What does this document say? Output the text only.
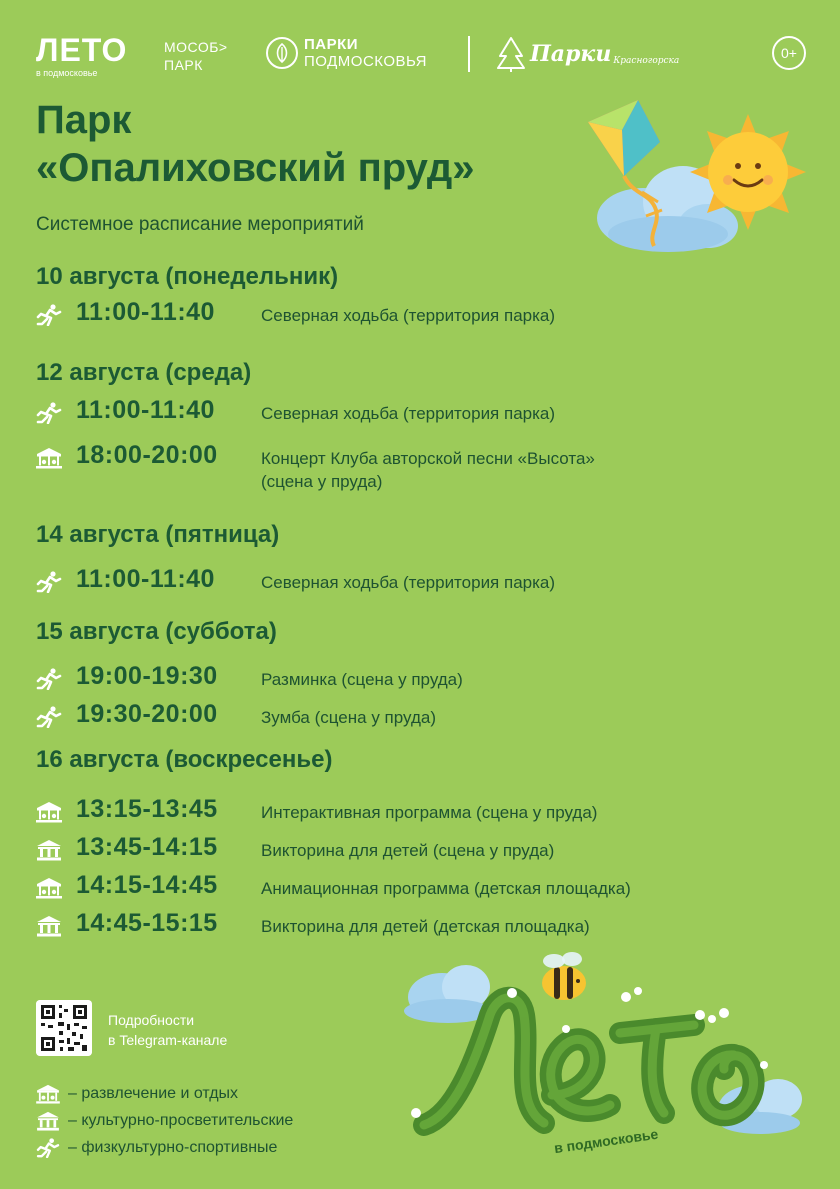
ЛЕТО
в подмосковье
МОСОБ>
ПАРК
ПАРКИ
ПОДМОСКОВЬЯ	Парки Красногорска	0+
Парк
«Опалиховский пруд»
Системное расписание мероприятий
10 августа (понедельник)
11:00-11:40	Северная ходьба (территория парка)
12 августа (среда)
11:00-11:40	Северная ходьба (территория парка)
18:00-20:00	Концерт Клуба авторской песни «Высота»
(сцена у пруда)
14 августа (пятница)
11:00-11:40	Северная ходьба (территория парка)
15 августа (суббота)
19:00-19:30	Разминка (сцена у пруда)
19:30-20:00	Зумба (сцена у пруда)
16 августа (воскресенье)
13:15-13:45	Интерактивная программа (сцена у пруда)
13:45-14:15	Викторина для детей (сцена у пруда)
14:15-14:45	Анимационная программа (детская площадка)
14:45-15:15	Викторина для детей (детская площадка)
Подробности
в Telegram-канале
– развлечение и отдых
– культурно-просветительские
– физкультурно-спортивные	в подмосковье
